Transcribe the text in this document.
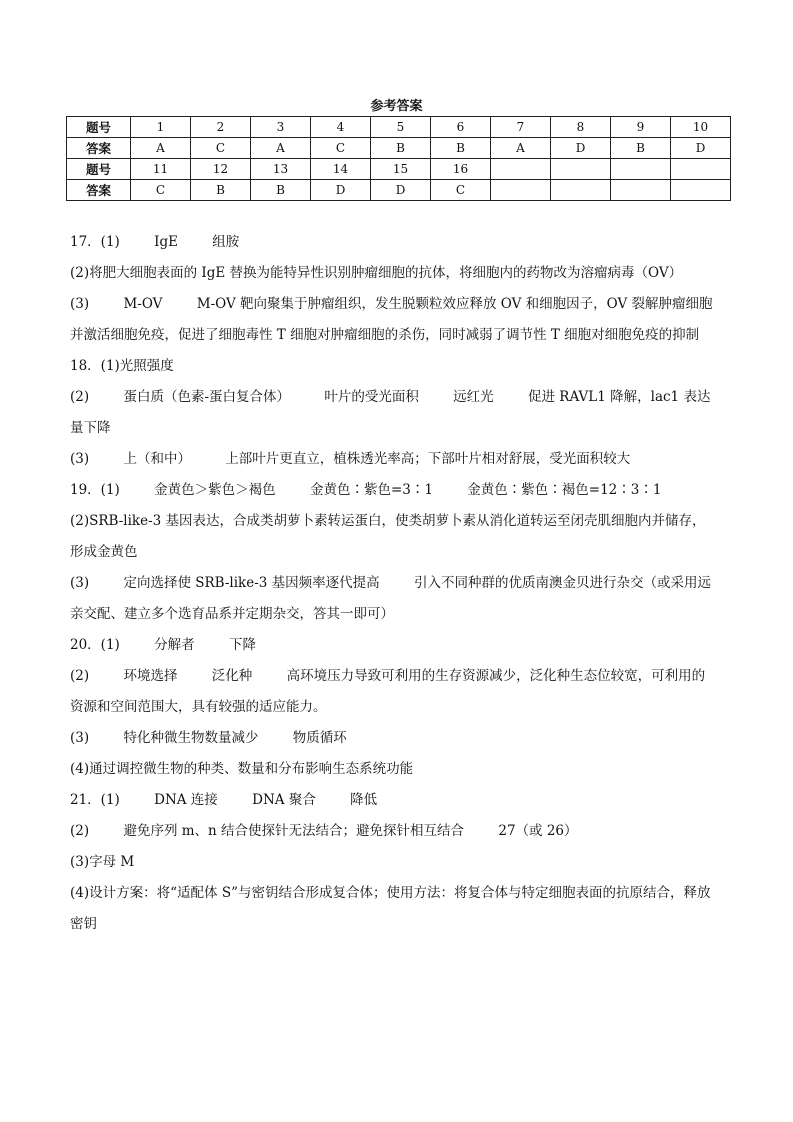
参考答案
题号	1	2	3	4	5	6	7	8	9	10
答案	A	C	A	C	B	B	A	D	B	D
题号	11	12	13	14	15	16				
答案	C	B	B	D	D	C				
17．(1)        IgE        组胺
(2)将肥大细胞表面的 IgE 替换为能特异性识别肿瘤细胞的抗体，将细胞内的药物改为溶瘤病毒（OV）
(3)        M-OV        M-OV 靶向聚集于肿瘤组织，发生脱颗粒效应释放 OV 和细胞因子，OV 裂解肿瘤细胞
并激活细胞免疫，促进了细胞毒性 T 细胞对肿瘤细胞的杀伤，同时减弱了调节性 T 细胞对细胞免疫的抑制
18．(1)光照强度
(2)        蛋白质（色素-蛋白复合体）        叶片的受光面积        远红光        促进 RAVL1 降解，lac1 表达
量下降
(3)        上（和中）        上部叶片更直立，植株透光率高；下部叶片相对舒展，受光面积较大
19．(1)        金黄色＞紫色＞褐色        金黄色∶紫色=3∶1        金黄色∶紫色∶褐色=12∶3∶1
(2)SRB-like-3 基因表达，合成类胡萝卜素转运蛋白，使类胡萝卜素从消化道转运至闭壳肌细胞内并储存，
形成金黄色
(3)        定向选择使 SRB-like-3 基因频率逐代提高        引入不同种群的优质南澳金贝进行杂交（或采用远
亲交配、建立多个选育品系并定期杂交，答其一即可）
20．(1)        分解者        下降
(2)        环境选择        泛化种        高环境压力导致可利用的生存资源减少，泛化种生态位较宽，可利用的
资源和空间范围大，具有较强的适应能力。
(3)        特化种微生物数量减少        物质循环
(4)通过调控微生物的种类、数量和分布影响生态系统功能
21．(1)        DNA 连接        DNA 聚合        降低
(2)        避免序列 m、n 结合使探针无法结合；避免探针相互结合        27（或 26）
(3)字母 M
(4)设计方案：将“适配体 S”与密钥结合形成复合体；使用方法：将复合体与特定细胞表面的抗原结合，释放
密钥
